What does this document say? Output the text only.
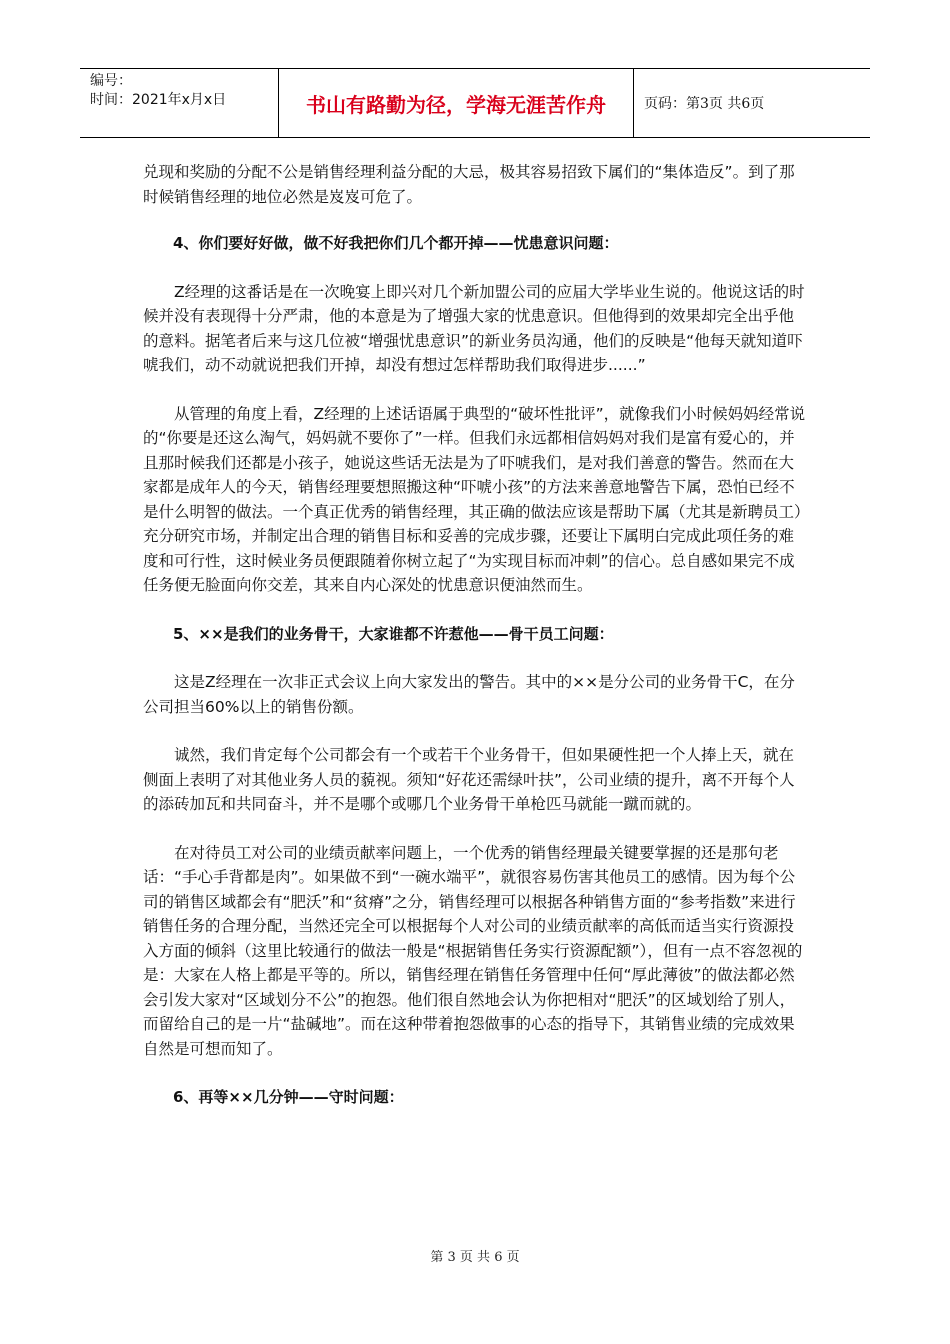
编号：
时间：2021年x月x日	书山有路勤为径，学海无涯苦作舟	页码：第3页 共6页

兑现和奖励的分配不公是销售经理利益分配的大忌，极其容易招致下属们的“集体造反”。到了那时候销售经理的地位必然是岌岌可危了。

4、你们要好好做，做不好我把你们几个都开掉——忧患意识问题：

Z经理的这番话是在一次晚宴上即兴对几个新加盟公司的应届大学毕业生说的。他说这话的时候并没有表现得十分严肃，他的本意是为了增强大家的忧患意识。但他得到的效果却完全出乎他的意料。据笔者后来与这几位被“增强忧患意识”的新业务员沟通，他们的反映是“他每天就知道吓唬我们，动不动就说把我们开掉，却没有想过怎样帮助我们取得进步......”

从管理的角度上看，Z经理的上述话语属于典型的“破坏性批评”，就像我们小时候妈妈经常说的“你要是还这么淘气，妈妈就不要你了”一样。但我们永远都相信妈妈对我们是富有爱心的，并且那时候我们还都是小孩子，她说这些话无法是为了吓唬我们，是对我们善意的警告。然而在大家都是成年人的今天，销售经理要想照搬这种“吓唬小孩”的方法来善意地警告下属，恐怕已经不是什么明智的做法。一个真正优秀的销售经理，其正确的做法应该是帮助下属（尤其是新聘员工）充分研究市场，并制定出合理的销售目标和妥善的完成步骤，还要让下属明白完成此项任务的难度和可行性，这时候业务员便跟随着你树立起了“为实现目标而冲刺”的信心。总自感如果完不成任务便无脸面向你交差，其来自内心深处的忧患意识便油然而生。

5、××是我们的业务骨干，大家谁都不许惹他——骨干员工问题：

这是Z经理在一次非正式会议上向大家发出的警告。其中的××是分公司的业务骨干C，在分公司担当60%以上的销售份额。

诚然，我们肯定每个公司都会有一个或若干个业务骨干，但如果硬性把一个人捧上天，就在侧面上表明了对其他业务人员的藐视。须知“好花还需绿叶扶”，公司业绩的提升，离不开每个人的添砖加瓦和共同奋斗，并不是哪个或哪几个业务骨干单枪匹马就能一蹴而就的。

在对待员工对公司的业绩贡献率问题上，一个优秀的销售经理最关键要掌握的还是那句老话：“手心手背都是肉”。如果做不到“一碗水端平”，就很容易伤害其他员工的感情。因为每个公司的销售区域都会有“肥沃”和“贫瘠”之分，销售经理可以根据各种销售方面的“参考指数”来进行销售任务的合理分配，当然还完全可以根据每个人对公司的业绩贡献率的高低而适当实行资源投入方面的倾斜（这里比较通行的做法一般是“根据销售任务实行资源配额”），但有一点不容忽视的是：大家在人格上都是平等的。所以，销售经理在销售任务管理中任何“厚此薄彼”的做法都必然会引发大家对“区域划分不公”的抱怨。他们很自然地会认为你把相对“肥沃”的区域划给了别人，而留给自己的是一片“盐碱地”。而在这种带着抱怨做事的心态的指导下，其销售业绩的完成效果自然是可想而知了。

6、再等××几分钟——守时问题：

第 3 页 共 6 页
